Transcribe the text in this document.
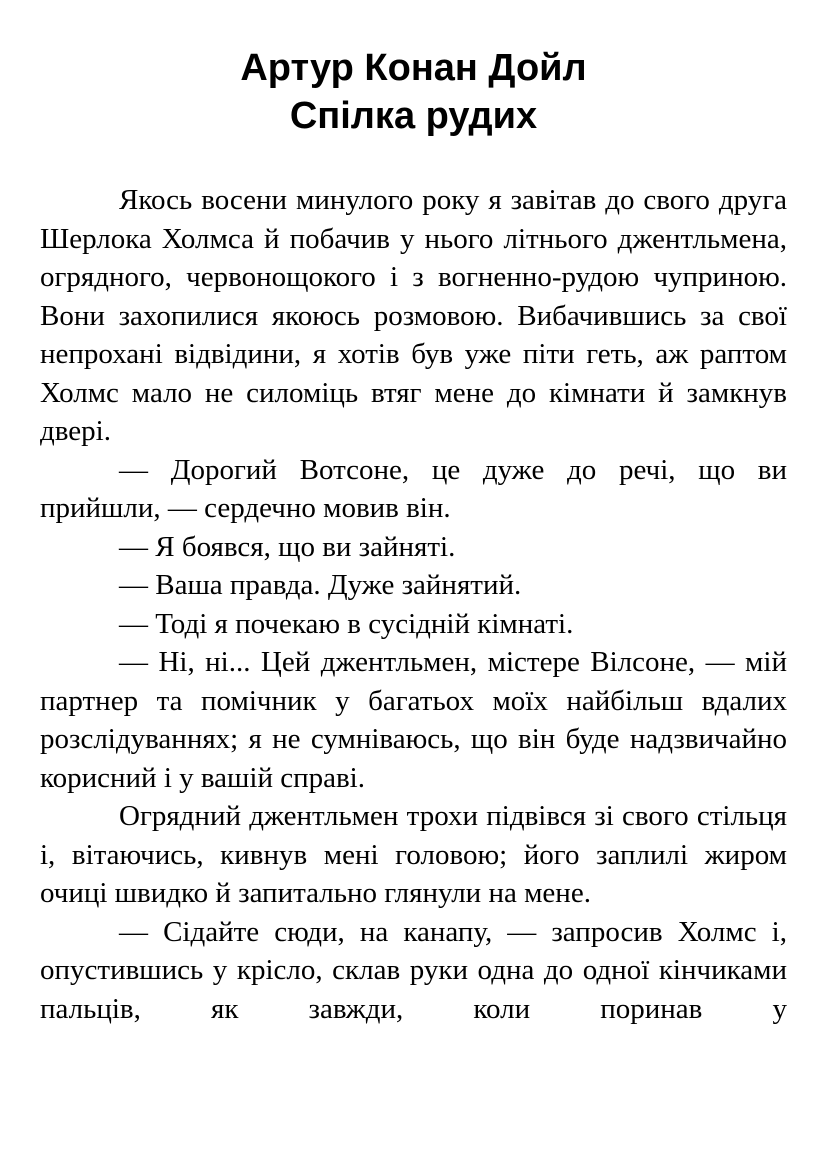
Артур Конан Дойл
Спілка рудих

Якось восени минулого року я завітав до свого друга Шерлока Холмса й побачив у нього літнього джентльмена, огрядного, червонощокого і з вогненно-рудою чуприною. Вони захопилися якоюсь розмовою. Вибачившись за свої непрохані відвідини, я хотів був уже піти геть, аж раптом Холмс мало не силоміць втяг мене до кімнати й замкнув двері.

— Дорогий Вотсоне, це дуже до речі, що ви прийшли, — сердечно мовив він.

— Я боявся, що ви зайняті.

— Ваша правда. Дуже зайнятий.

— Тоді я почекаю в сусідній кімнаті.

— Ні, ні... Цей джентльмен, містере Вілсоне, — мій партнер та помічник у багатьох моїх найбільш вдалих розслідуваннях; я не сумніваюсь, що він буде надзвичайно корисний і у вашій справі.

Огрядний джентльмен трохи підвівся зі свого стільця і, вітаючись, кивнув мені головою; його заплилі жиром очиці швидко й запитально глянули на мене.

— Сідайте сюди, на канапу, — запросив Холмс і, опустившись у крісло, склав руки одна до одної кінчиками пальців, як завжди, коли поринав у
